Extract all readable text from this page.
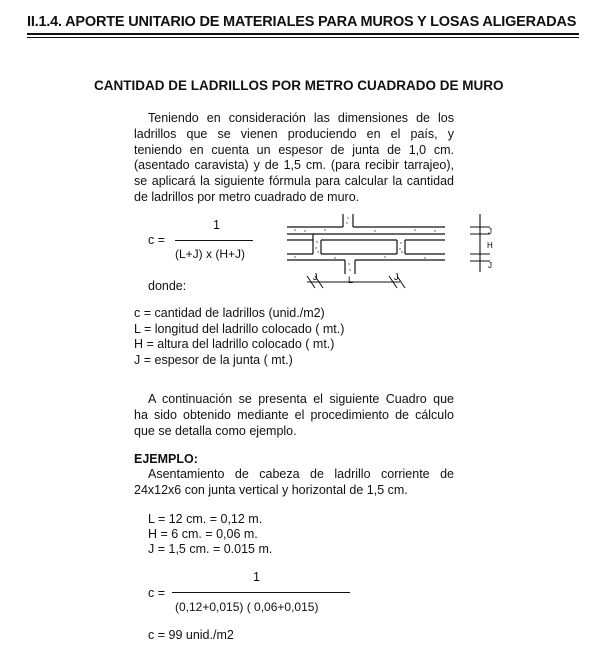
II.1.4. APORTE UNITARIO DE MATERIALES PARA MUROS Y LOSAS ALIGERADAS
CANTIDAD DE LADRILLOS POR METRO CUADRADO DE MURO
Teniendo en consideración las dimensiones de los
ladrillos que se vienen produciendo en el país, y
teniendo en cuenta un espesor de junta de 1,0 cm.
(asentado caravista) y de 1,5 cm. (para recibir tarrajeo),
se aplicará la siguiente fórmula para calcular la cantidad
de ladrillos por metro cuadrado de muro.
c =
1
(L+J) x (H+J)
J	L	J
J
H
J
donde:
c = cantidad de ladrillos (unid./m2)
L = longitud del ladrillo colocado ( mt.)
H = altura del ladrillo colocado ( mt.)
J = espesor de la junta ( mt.)
A continuación se presenta el siguiente Cuadro que
ha sido obtenido mediante el procedimiento de cálculo
que se detalla como ejemplo.
EJEMPLO:
Asentamiento de cabeza de ladrillo corriente de
24x12x6 con junta vertical y horizontal de 1,5 cm.
L = 12 cm. = 0,12 m.
H = 6 cm. = 0,06 m.
J = 1,5 cm. = 0.015 m.
c =
1
(0,12+0,015) ( 0,06+0,015)
c = 99 unid./m2
